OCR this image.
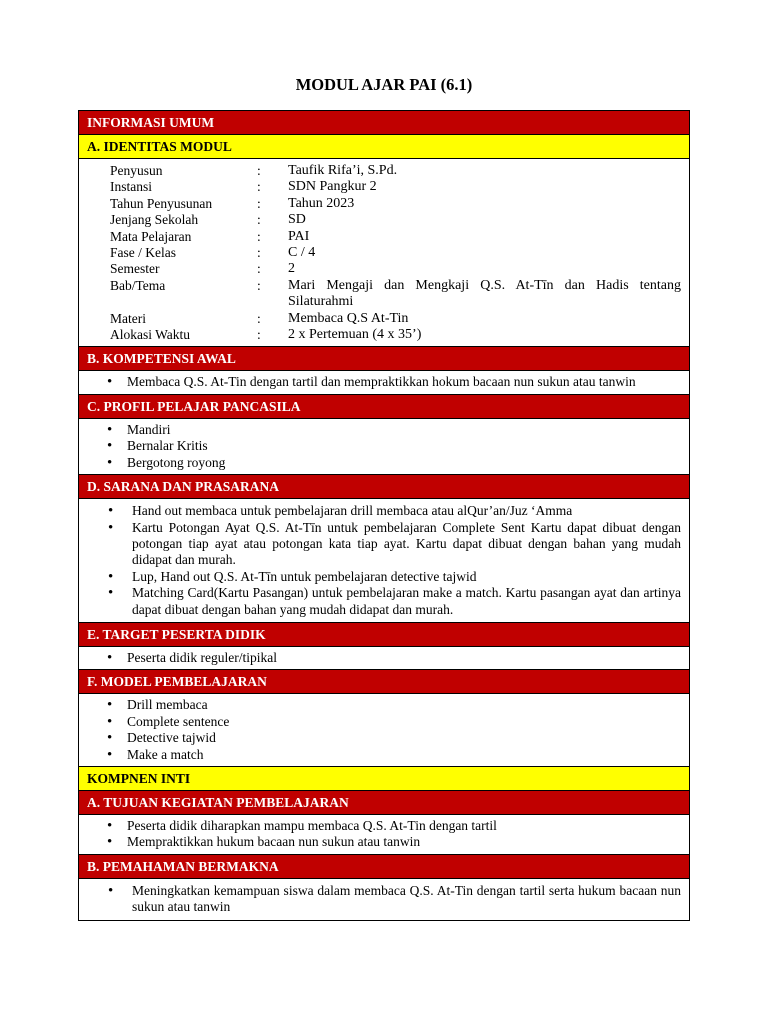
MODUL AJAR PAI (6.1)
INFORMASI UMUM
A. IDENTITAS MODUL
Penyusun	:	Taufik Rifa’i, S.Pd.
Instansi	:	SDN Pangkur 2
Tahun Penyusunan	:	Tahun 2023
Jenjang Sekolah	:	SD
Mata Pelajaran	:	PAI
Fase / Kelas	:	C / 4
Semester	:	2
Bab/Tema	:	Mari Mengaji dan Mengkaji Q.S. At-Tīn dan Hadis tentang Silaturahmi
Materi	:	Membaca Q.S At-Tin
Alokasi Waktu	:	2 x Pertemuan (4 x 35’)
B. KOMPETENSI AWAL
• Membaca Q.S. At-Tin dengan tartil dan mempraktikkan hokum bacaan nun sukun atau tanwin
C. PROFIL PELAJAR PANCASILA
• Mandiri
• Bernalar Kritis
• Bergotong royong
D. SARANA DAN PRASARANA
• Hand out membaca untuk pembelajaran drill membaca atau alQur’an/Juz ‘Amma
• Kartu Potongan Ayat Q.S. At-Tīn untuk pembelajaran Complete Sent Kartu dapat dibuat dengan potongan tiap ayat atau potongan kata tiap ayat. Kartu dapat dibuat dengan bahan yang mudah didapat dan murah.
• Lup, Hand out Q.S. At-Tīn untuk pembelajaran detective tajwid
• Matching Card(Kartu Pasangan) untuk pembelajaran make a match. Kartu pasangan ayat dan artinya dapat dibuat dengan bahan yang mudah didapat dan murah.
E. TARGET PESERTA DIDIK
• Peserta didik reguler/tipikal
F. MODEL PEMBELAJARAN
• Drill membaca
• Complete sentence
• Detective tajwid
• Make a match
KOMPNEN INTI
A. TUJUAN KEGIATAN PEMBELAJARAN
• Peserta didik diharapkan mampu membaca Q.S. At-Tin dengan tartil
• Mempraktikkan hukum bacaan nun sukun atau tanwin
B. PEMAHAMAN BERMAKNA
• Meningkatkan kemampuan siswa dalam membaca Q.S. At-Tin dengan tartil serta hukum bacaan nun sukun atau tanwin
